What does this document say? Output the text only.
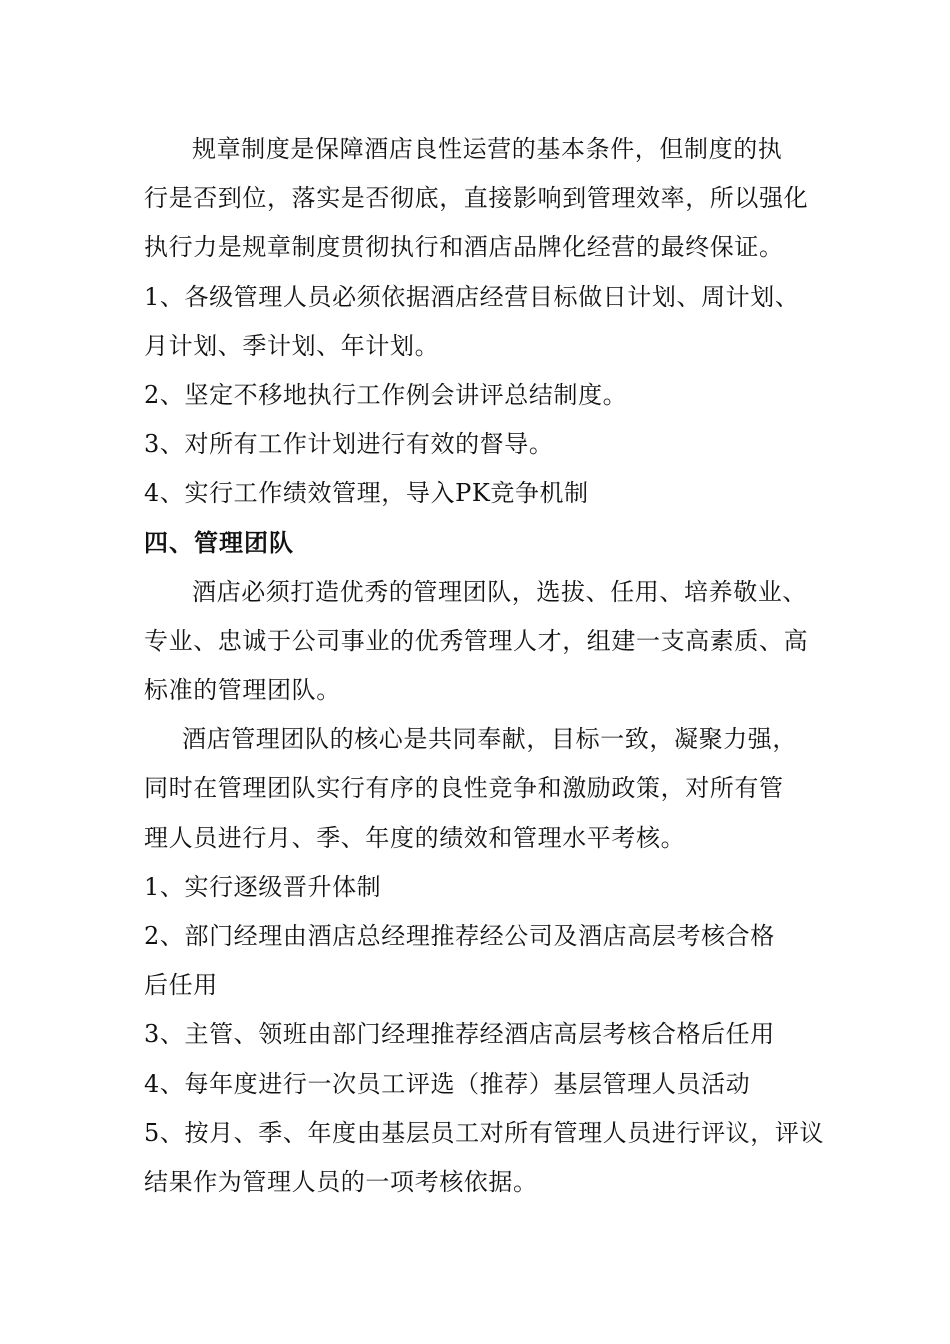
规章制度是保障酒店良性运营的基本条件，但制度的执
行是否到位，落实是否彻底，直接影响到管理效率，所以强化
执行力是规章制度贯彻执行和酒店品牌化经营的最终保证。
1、各级管理人员必须依据酒店经营目标做日计划、周计划、
月计划、季计划、年计划。
2、坚定不移地执行工作例会讲评总结制度。
3、对所有工作计划进行有效的督导。
4、实行工作绩效管理，导入PK竞争机制
四、管理团队
酒店必须打造优秀的管理团队，选拔、任用、培养敬业、
专业、忠诚于公司事业的优秀管理人才，组建一支高素质、高
标准的管理团队。
酒店管理团队的核心是共同奉献，目标一致，凝聚力强，
同时在管理团队实行有序的良性竞争和激励政策，对所有管
理人员进行月、季、年度的绩效和管理水平考核。
1、实行逐级晋升体制
2、部门经理由酒店总经理推荐经公司及酒店高层考核合格
后任用
3、主管、领班由部门经理推荐经酒店高层考核合格后任用
4、每年度进行一次员工评选（推荐）基层管理人员活动
5、按月、季、年度由基层员工对所有管理人员进行评议，评议
结果作为管理人员的一项考核依据。
